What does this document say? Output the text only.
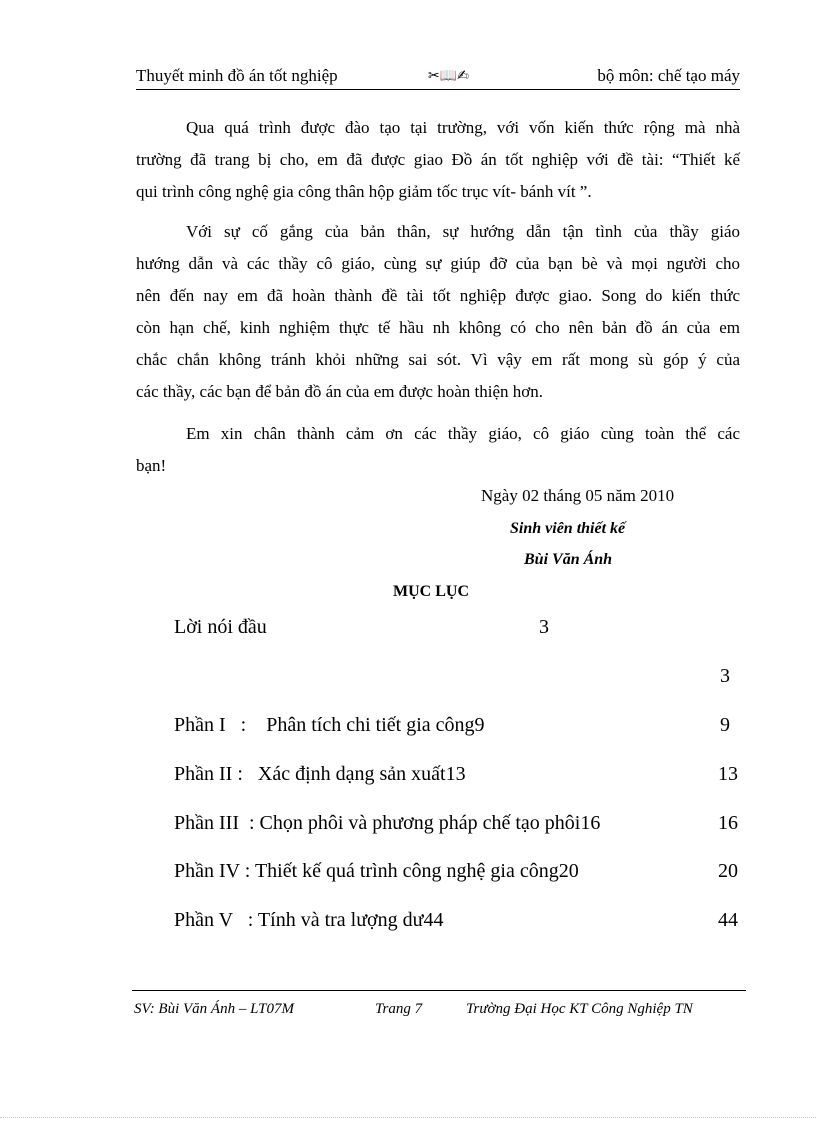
Thuyết minh đồ án tốt nghiệp	✂📖✍	bộ môn: chế tạo máy
Qua quá trình được đào tạo tại trường, với vốn kiến thức rộng mà nhà
trường đã trang bị cho, em đã được giao Đồ án tốt nghiệp với đề tài: “Thiết kế
qui trình công nghệ gia công thân hộp giảm tốc trục vít- bánh vít ”.
Với sự cố gắng của bản thân, sự hướng dẫn tận tình của thầy giáo
hướng dẫn và các thầy cô giáo, cùng sự giúp đỡ của bạn bè và mọi người cho
nên đến nay em đã hoàn thành đề tài tốt nghiệp được giao. Song do kiến thức
còn hạn chế, kinh nghiệm thực tế hầu nh không có cho nên bản đồ án của em
chắc chắn không tránh khỏi những sai sót. Vì vậy em rất mong sù góp ý của
các thầy, các bạn để bản đồ án của em được hoàn thiện hơn.
Em xin chân thành cảm ơn các thầy giáo, cô giáo cùng toàn thể các
bạn!
Ngày 02 tháng 05 năm 2010
Sinh viên thiết kế
Bùi Văn Ánh
MỤC LỤC
Lời nói đầu	3
3
Phần I   :    Phân tích chi tiết gia công9	9
Phần II :   Xác định dạng sản xuất13	13
Phần III  : Chọn phôi và phương pháp chế tạo phôi16	16
Phần IV : Thiết kế quá trình công nghệ gia công20	20
Phần V   : Tính và tra lượng dư44	44
SV: Bùi Văn Ánh – LT07M	Trang 7	Trường Đại Học KT Công Nghiệp TN
